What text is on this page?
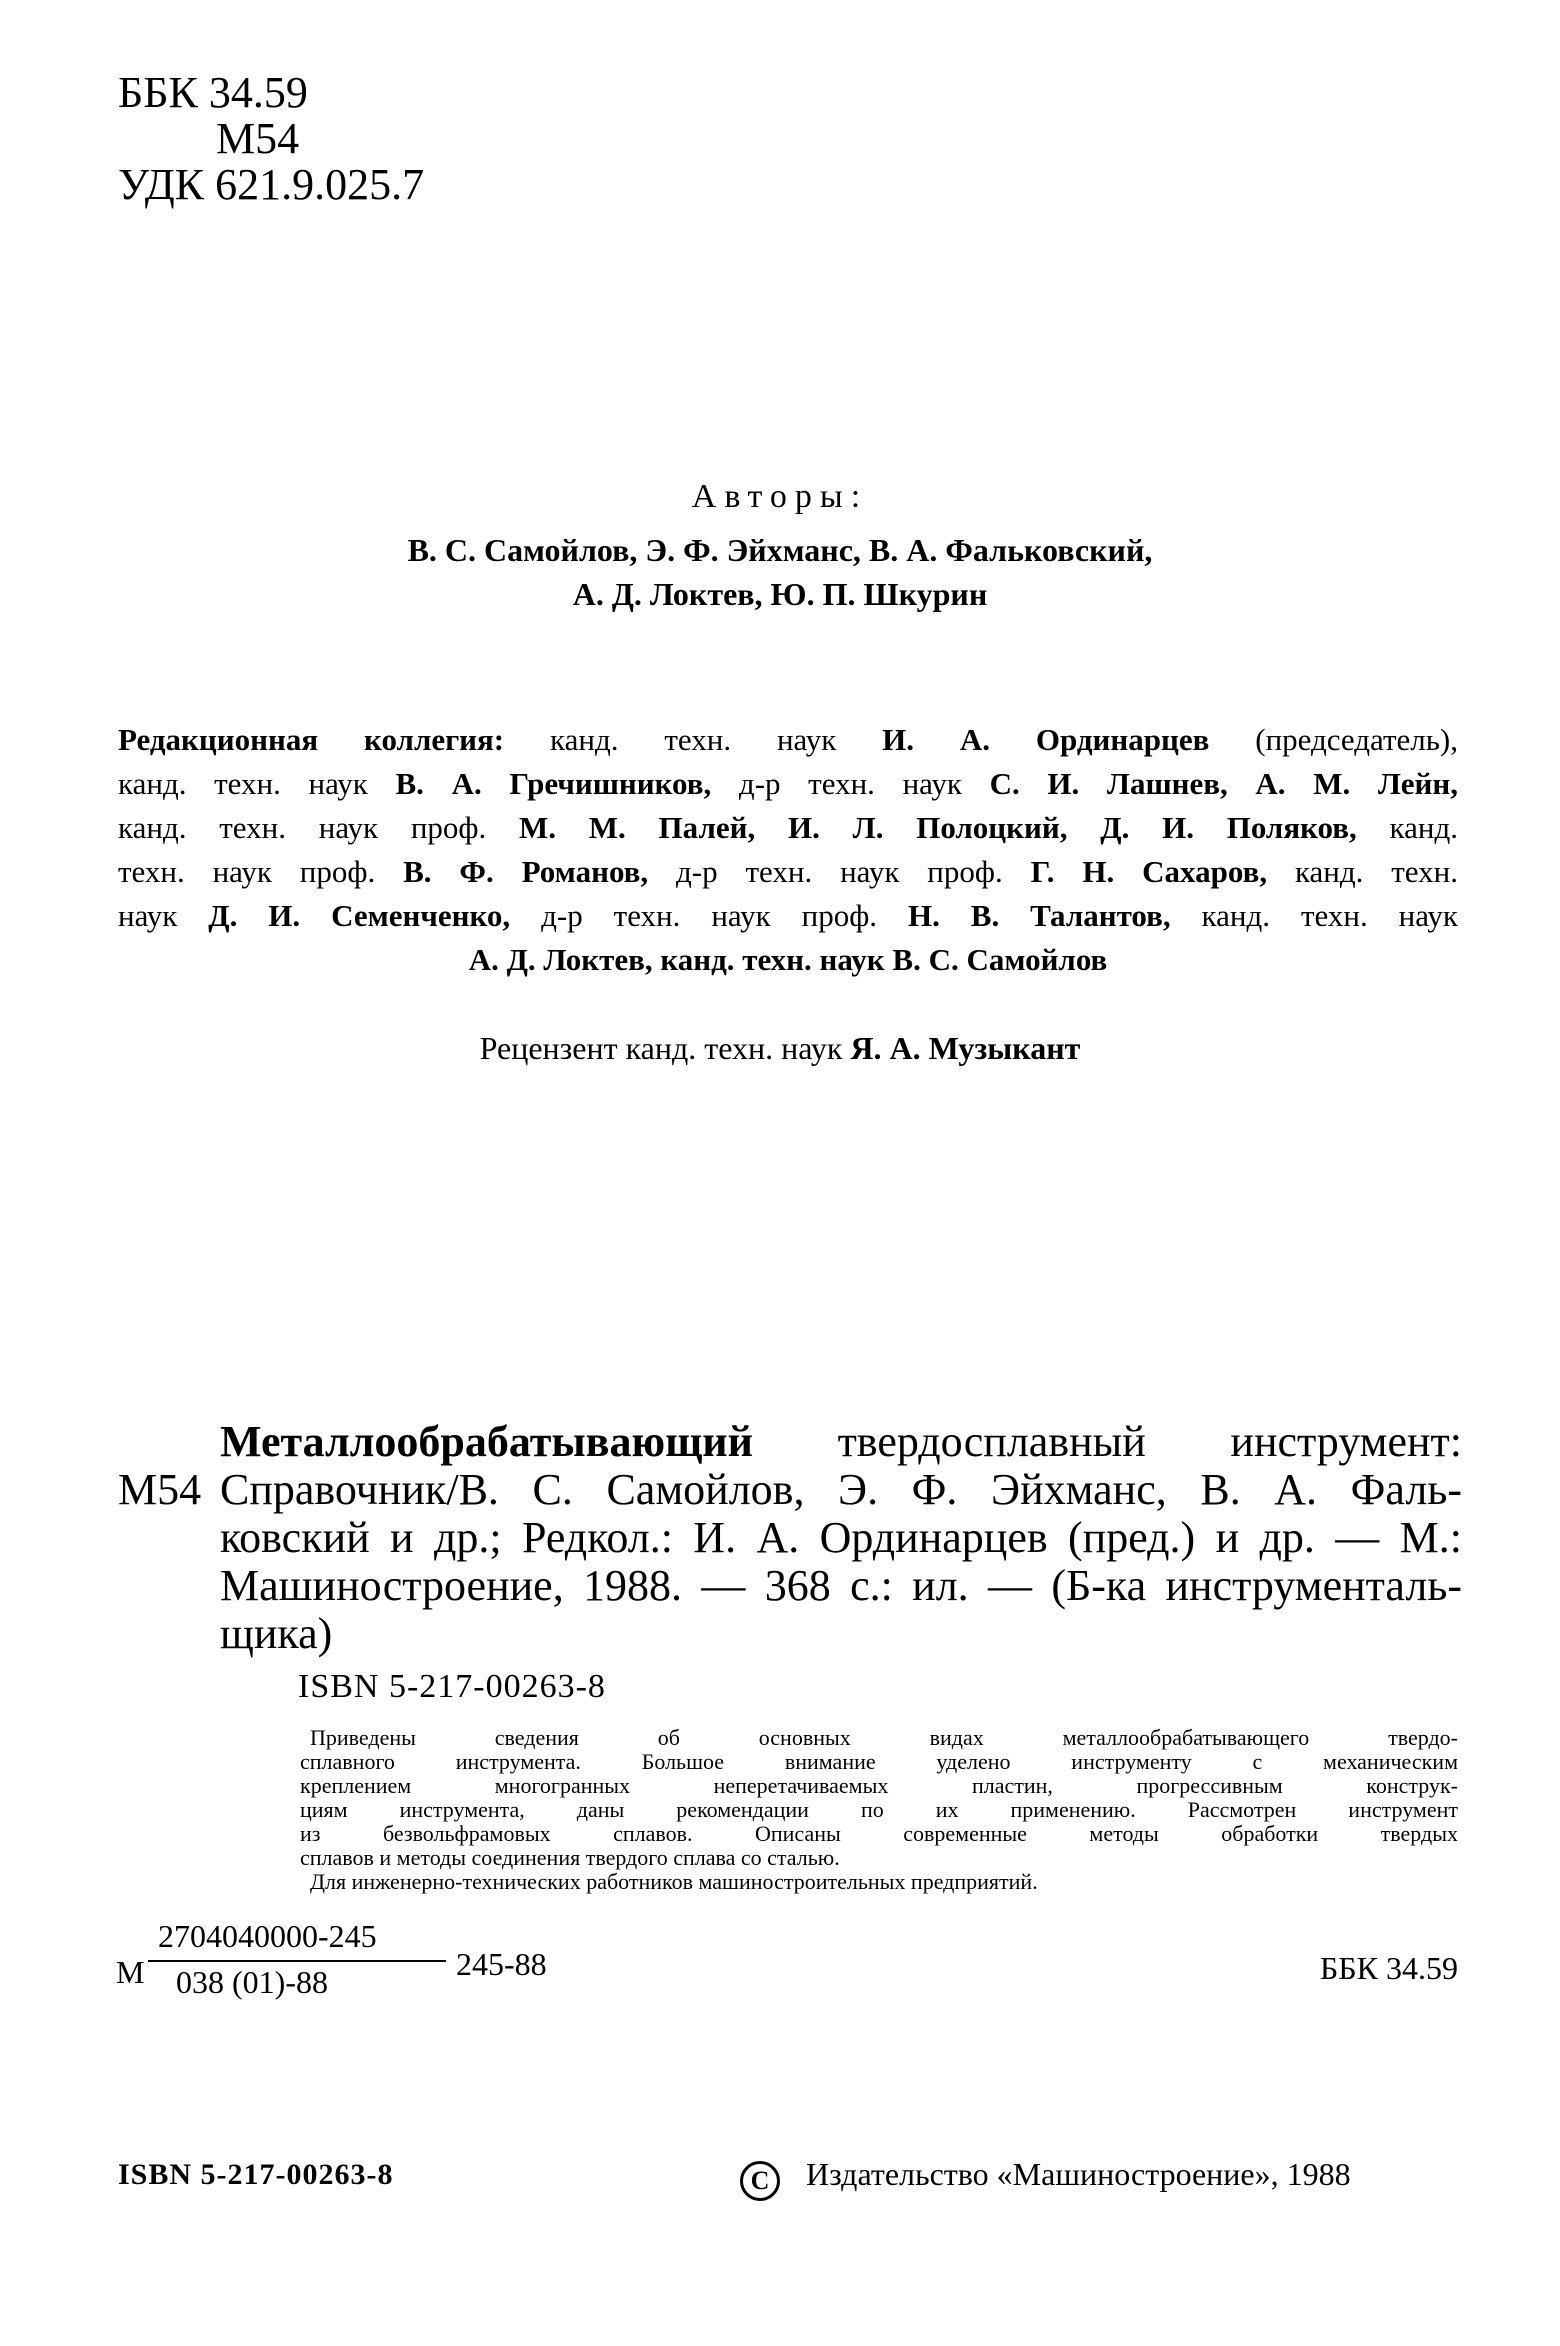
ББК 34.59
М54
УДК 621.9.025.7
Авторы:
В. С. Самойлов, Э. Ф. Эйхманс, В. А. Фальковский,
А. Д. Локтев, Ю. П. Шкурин
Редакционная коллегия: канд. техн. наук И. А. Ординарцев (председатель),
канд. техн. наук В. А. Гречишников, д-р техн. наук С. И. Лашнев, А. М. Лейн,
канд. техн. наук проф. М. М. Палей, И. Л. Полоцкий, Д. И. Поляков, канд.
техн. наук проф. В. Ф. Романов, д-р техн. наук проф. Г. Н. Сахаров, канд. техн.
наук Д. И. Семенченко, д-р техн. наук проф. Н. В. Талантов, канд. техн. наук
А. Д. Локтев, канд. техн. наук В. С. Самойлов
Рецензент канд. техн. наук Я. А. Музыкант
М54
Металлообрабатывающий твердосплавный инструмент:
Справочник/В. С. Самойлов, Э. Ф. Эйхманс, В. А. Фаль-
ковский и др.; Редкол.: И. А. Ординарцев (пред.) и др. — М.:
Машиностроение, 1988. — 368 с.: ил. — (Б-ка инструменталь-
щика)
ISBN 5-217-00263-8
Приведены сведения об основных видах металлообрабатывающего твердо-
сплавного инструмента. Большое внимание уделено инструменту с механическим
креплением многогранных неперетачиваемых пластин, прогрессивным конструк-
циям инструмента, даны рекомендации по их применению. Рассмотрен инструмент
из безвольфрамовых сплавов. Описаны современные методы обработки твердых
сплавов и методы соединения твердого сплава со сталью.
Для инженерно-технических работников машиностроительных предприятий.
М
2704040000-245
038 (01)-88	245-88	ББК 34.59
ISBN 5-217-00263-8	C Издательство «Машиностроение», 1988
